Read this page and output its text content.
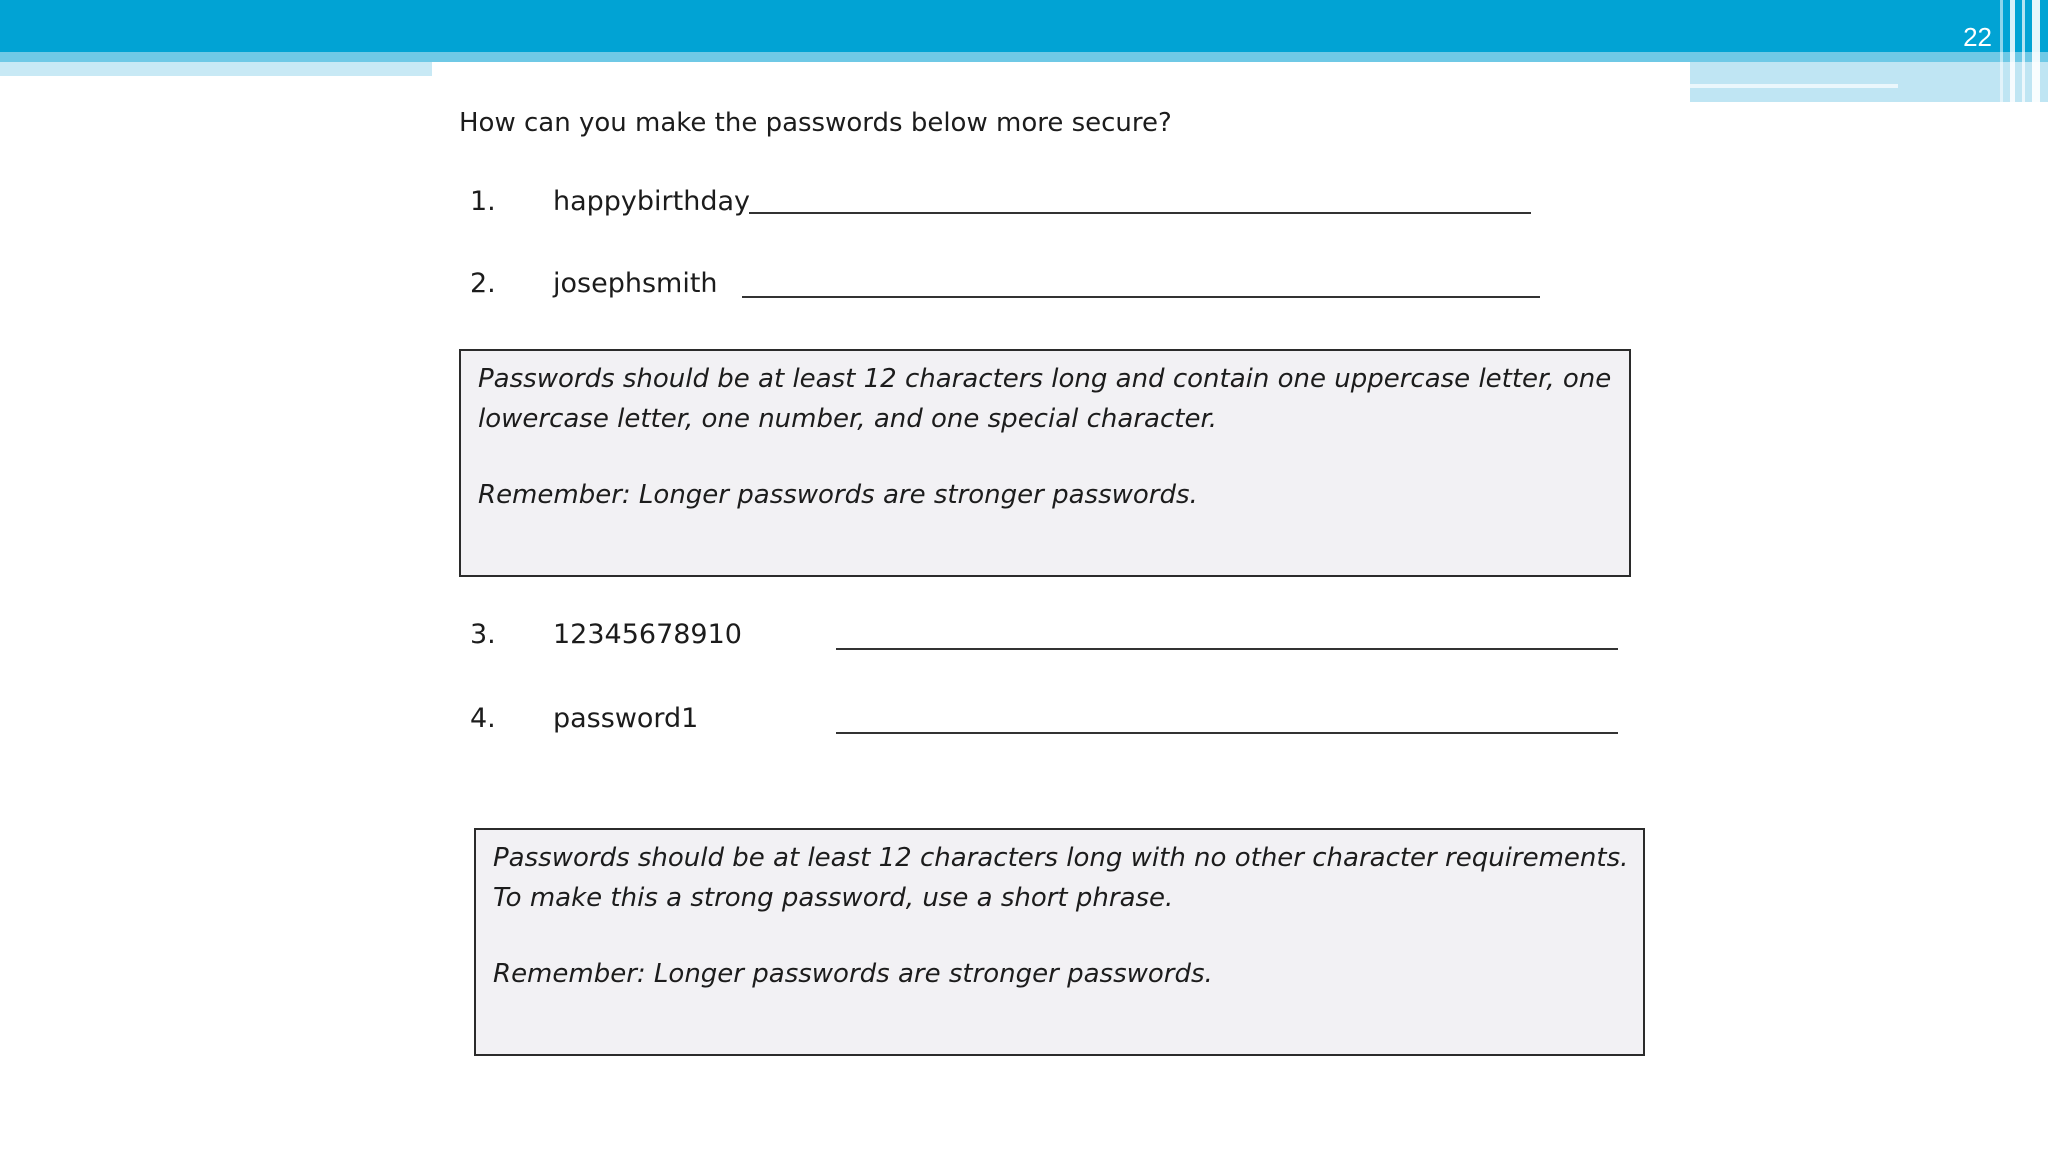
22
How can you make the passwords below more secure?
1. happybirthday
2. josephsmith
Passwords should be at least 12 characters long and contain one uppercase letter, one
lowercase letter, one number, and one special character.
Remember: Longer passwords are stronger passwords.
3. 12345678910
4. password1
Passwords should be at least 12 characters long with no other character requirements.
To make this a strong password, use a short phrase.
Remember: Longer passwords are stronger passwords.
